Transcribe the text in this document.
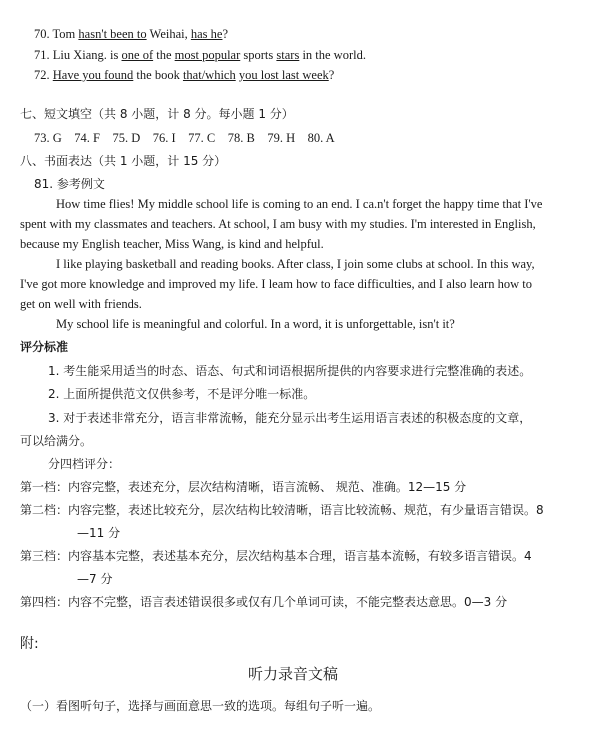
70. Tom hasn't been to Weihai, has he?
71. Liu Xiang. is one of the most popular sports stars in the world.
72. Have you found the book that/which you lost last week?
七、短文填空（共 8 小题，计 8 分。每小题 1 分）
73. G    74. F    75. D    76. I    77. C    78. B    79. H    80. A
八、书面表达（共 1 小题，计 15 分）
81. 参考例文
How time flies! My middle school life is coming to an end. I ca.n't forget the happy time that I've
spent with my classmates and teachers. At school, I am busy with my studies. I'm interested in English,
because my English teacher, Miss Wang, is kind and helpful.
I like playing basketball and reading books. After class, I join some clubs at school. In this way,
I've got more knowledge and improved my life. I leam how to face difficulties, and I also learn how to
get on well with friends.
My school life is meaningful and colorful. In a word, it is unforgettable, isn't it?
评分标准
1. 考生能采用适当的时态、语态、句式和词语根据所提供的内容要求进行完整准确的表述。
2. 上面所提供范文仅供参考，不是评分唯一标准。
3. 对于表述非常充分，语言非常流畅，能充分显示出考生运用语言表述的积极态度的文章，
可以给满分。
分四档评分：
第一档：内容完整，表述充分，层次结构清晰，语言流畅、 规范、准确。12—15 分
第二档：内容完整，表述比较充分，层次结构比较清晰，语言比较流畅、规范，有少量语言错误。8
—11 分
第三档：内容基本完整，表述基本充分，层次结构基本合理，语言基本流畅，有较多语言错误。4
—7 分
第四档：内容不完整，语言表述错误很多或仅有几个单词可读，不能完整表达意思。0—3 分
附:
听力录音文稿
（一）看图听句子，选择与画面意思一致的选项。每组句子听一遍。
